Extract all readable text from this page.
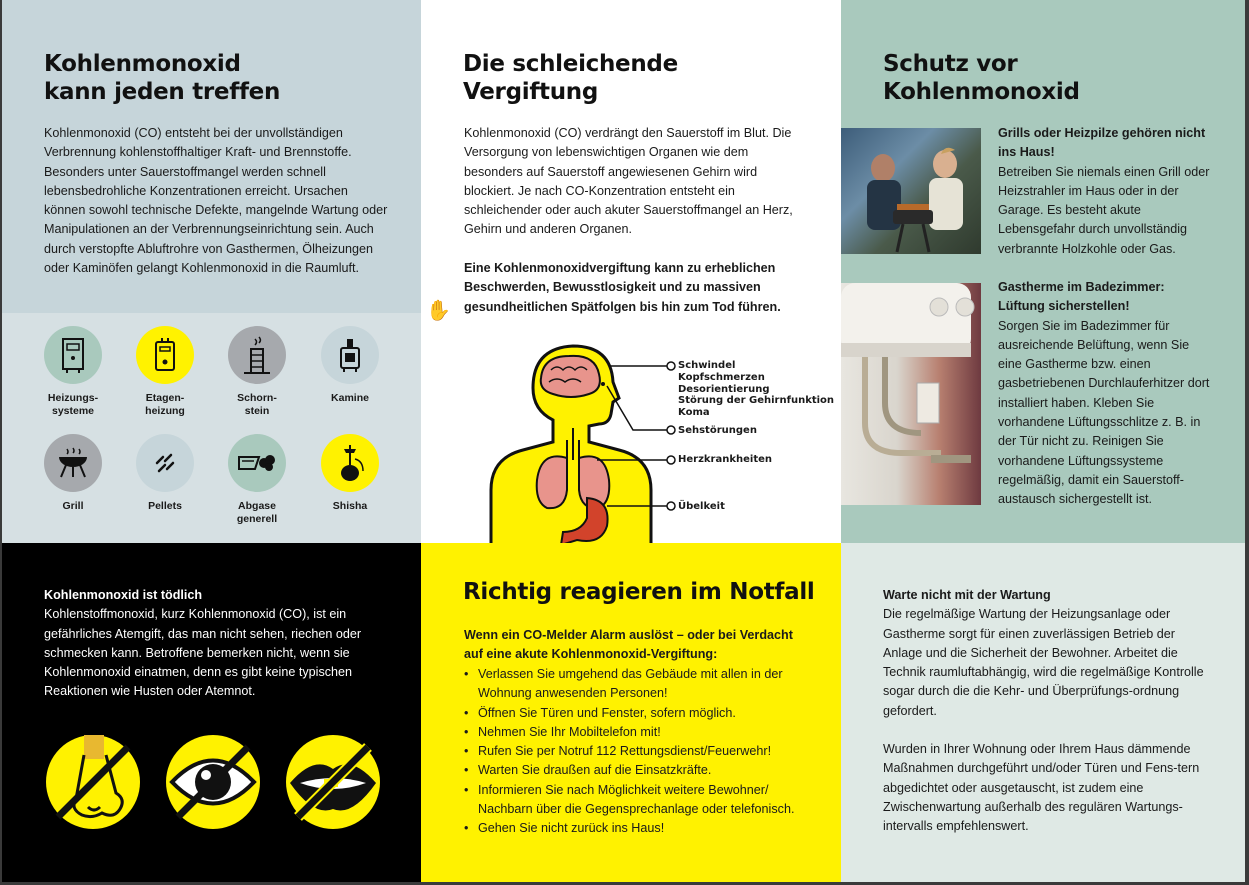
Kohlenmonoxid
kann jeden treffen

Kohlenmonoxid (CO) entsteht bei der unvollständigen Verbrennung kohlenstoffhaltiger Kraft- und Brennstoffe. Besonders unter Sauerstoffmangel werden schnell lebensbedrohliche Konzentrationen erreicht. Ursachen können sowohl technische Defekte, mangelnde Wartung oder Manipulationen an der Verbrennungseinrichtung sein. Auch durch verstopfte Abluftrohre von Gasthermen, Ölheizungen oder Kaminöfen gelangt Kohlenmonoxid in die Raumluft.

Heizungs-
systeme
Etagen-
heizung
Schorn-
stein
Kamine
Grill	Pellets	Abgase
generell
Shisha
Die schleichende
Vergiftung

Kohlenmonoxid (CO) verdrängt den Sauerstoff im Blut. Die Versorgung von lebenswichtigen Organen wie dem besonders auf Sauerstoff angewiesenen Gehirn wird blockiert. Je nach CO-Konzentration entsteht ein schleichender oder auch akuter Sauerstoffmangel an Herz, Gehirn und anderen Organen.

Eine Kohlenmonoxidvergiftung kann zu erheblichen Beschwerden, Bewusstlosigkeit und zu massiven gesundheitlichen Spätfolgen bis hin zum Tod führen.

Schwindel
Kopfschmerzen
Desorientierung
Störung der Gehirnfunktion
Koma
Sehstörungen
Herzkrankheiten
Übelkeit
Schutz vor
Kohlenmonoxid

Grills oder Heizpilze gehören nicht ins Haus!
Betreiben Sie niemals einen Grill oder Heizstrahler im Haus oder in der Garage. Es besteht akute Lebensgefahr durch unvollständig verbrannte Holzkohle oder Gas.

Gastherme im Badezimmer: Lüftung sicherstellen!
Sorgen Sie im Badezimmer für ausreichende Belüftung, wenn Sie eine Gastherme bzw. einen gasbetriebenen Durchlauferhitzer dort installiert haben. Kleben Sie vorhandene Lüftungsschlitze z. B. in der Tür nicht zu. Reinigen Sie vorhandene Lüftungssysteme regelmäßig, damit ein Sauerstoff-austausch sichergestellt ist.

Kohlenmonoxid ist tödlich
Kohlenstoffmonoxid, kurz Kohlenmonoxid (CO), ist ein gefährliches Atemgift, das man nicht sehen, riechen oder schmecken kann. Betroffene bemerken nicht, wenn sie Kohlenmonoxid einatmen, denn es gibt keine typischen Reaktionen wie Husten oder Atemnot.

Richtig reagieren im Notfall

Wenn ein CO-Melder Alarm auslöst – oder bei Verdacht auf eine akute Kohlenmonoxid-Vergiftung:

• Verlassen Sie umgehend das Gebäude mit allen in der Wohnung anwesenden Personen!
• Öffnen Sie Türen und Fenster, sofern möglich.
• Nehmen Sie Ihr Mobiltelefon mit!
• Rufen Sie per Notruf 112 Rettungsdienst/Feuerwehr!
• Warten Sie draußen auf die Einsatzkräfte.
• Informieren Sie nach Möglichkeit weitere Bewohner/ Nachbarn über die Gegensprechanlage oder telefonisch.
• Gehen Sie nicht zurück ins Haus!

Warte nicht mit der Wartung
Die regelmäßige Wartung der Heizungsanlage oder Gastherme sorgt für einen zuverlässigen Betrieb der Anlage und die Sicherheit der Bewohner. Arbeitet die Technik raumluftabhängig, wird die regelmäßige Kontrolle sogar durch die die Kehr- und Überprüfungs-ordnung gefordert.

Wurden in Ihrer Wohnung oder Ihrem Haus dämmende Maßnahmen durchgeführt und/oder Türen und Fens-tern abgedichtet oder ausgetauscht, ist zudem eine Zwischenwartung außerhalb des regulären Wartungs-intervalls empfehlenswert.

✋
